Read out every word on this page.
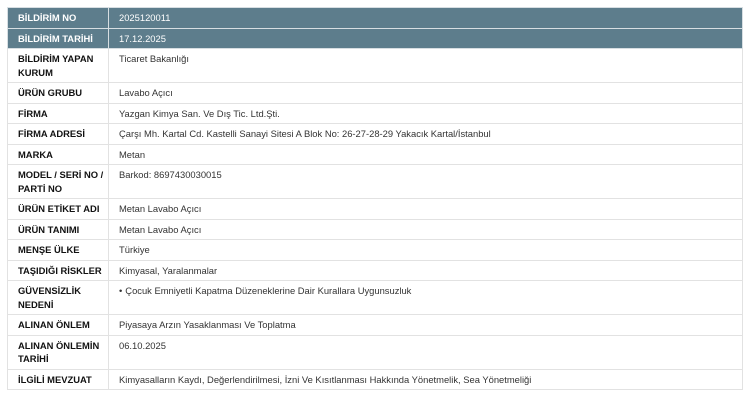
BİLDİRİM NO	2025120011
BİLDİRİM TARİHİ	17.12.2025
BİLDİRİM YAPAN KURUM	Ticaret Bakanlığı
ÜRÜN GRUBU	Lavabo Açıcı
FİRMA	Yazgan Kimya San. Ve Dış Tic. Ltd.Şti.
FİRMA ADRESİ	Çarşı Mh. Kartal Cd. Kastelli Sanayi Sitesi A Blok No: 26-27-28-29 Yakacık Kartal/İstanbul
MARKA	Metan
MODEL / SERİ NO / PARTİ NO	Barkod: 8697430030015
ÜRÜN ETİKET ADI	Metan Lavabo Açıcı
ÜRÜN TANIMI	Metan Lavabo Açıcı
MENŞE ÜLKE	Türkiye
TAŞIDIĞI RİSKLER	Kimyasal, Yaralanmalar
GÜVENSİZLİK NEDENİ	• Çocuk Emniyetli Kapatma Düzeneklerine Dair Kurallara Uygunsuzluk
ALINAN ÖNLEM	Piyasaya Arzın Yasaklanması Ve Toplatma
ALINAN ÖNLEMİN TARİHİ	06.10.2025
İLGİLİ MEVZUAT	Kimyasalların Kaydı, Değerlendirilmesi, İzni Ve Kısıtlanması Hakkında Yönetmelik, Sea Yönetmeliği
